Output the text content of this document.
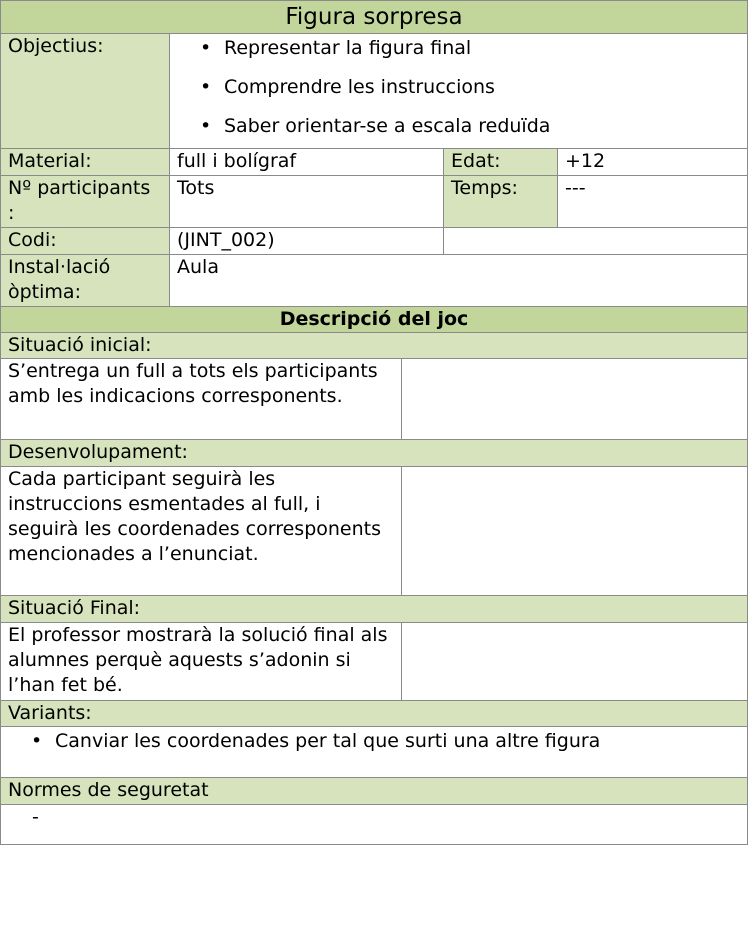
Figura sorpresa
Objectius:
•	Representar la figura final
• Comprendre les instruccions
• Saber orientar-se a escala reduïda
Material:	full i bolígraf	Edat:	+12
Nº participants :
Tots	Temps:	---
Codi:	(JINT_002)
Instal·lació òptima:
Aula
Descripció del joc
Situació inicial:
S’entrega un full a tots els participants amb les indicacions corresponents.
Desenvolupament:
Cada participant seguirà les instruccions esmentades al full, i seguirà les coordenades corresponents mencionades a l’enunciat.
Situació Final:
El professor mostrarà la solució final als alumnes perquè aquests s’adonin si l’han fet bé.
Variants:
• Canviar les coordenades per tal que surti una altre figura
Normes de seguretat
-
